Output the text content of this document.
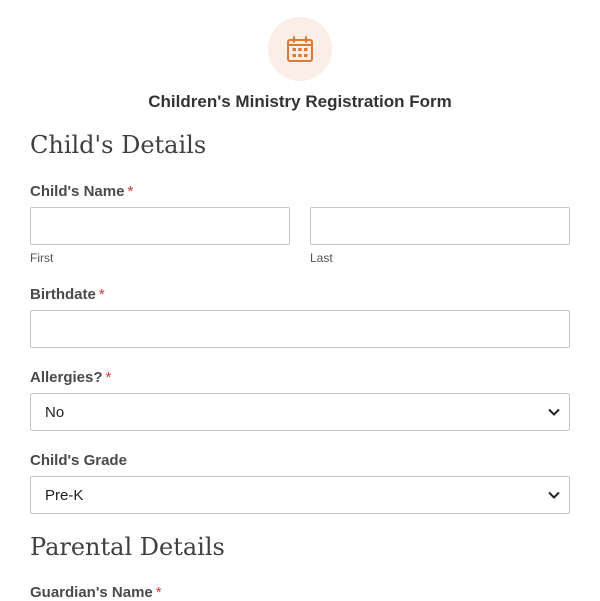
Children's Ministry Registration Form
Child's Details
Child's Name *
First	Last
Birthdate *
Allergies? *
No
Child's Grade
Pre-K
Parental Details
Guardian's Name *
